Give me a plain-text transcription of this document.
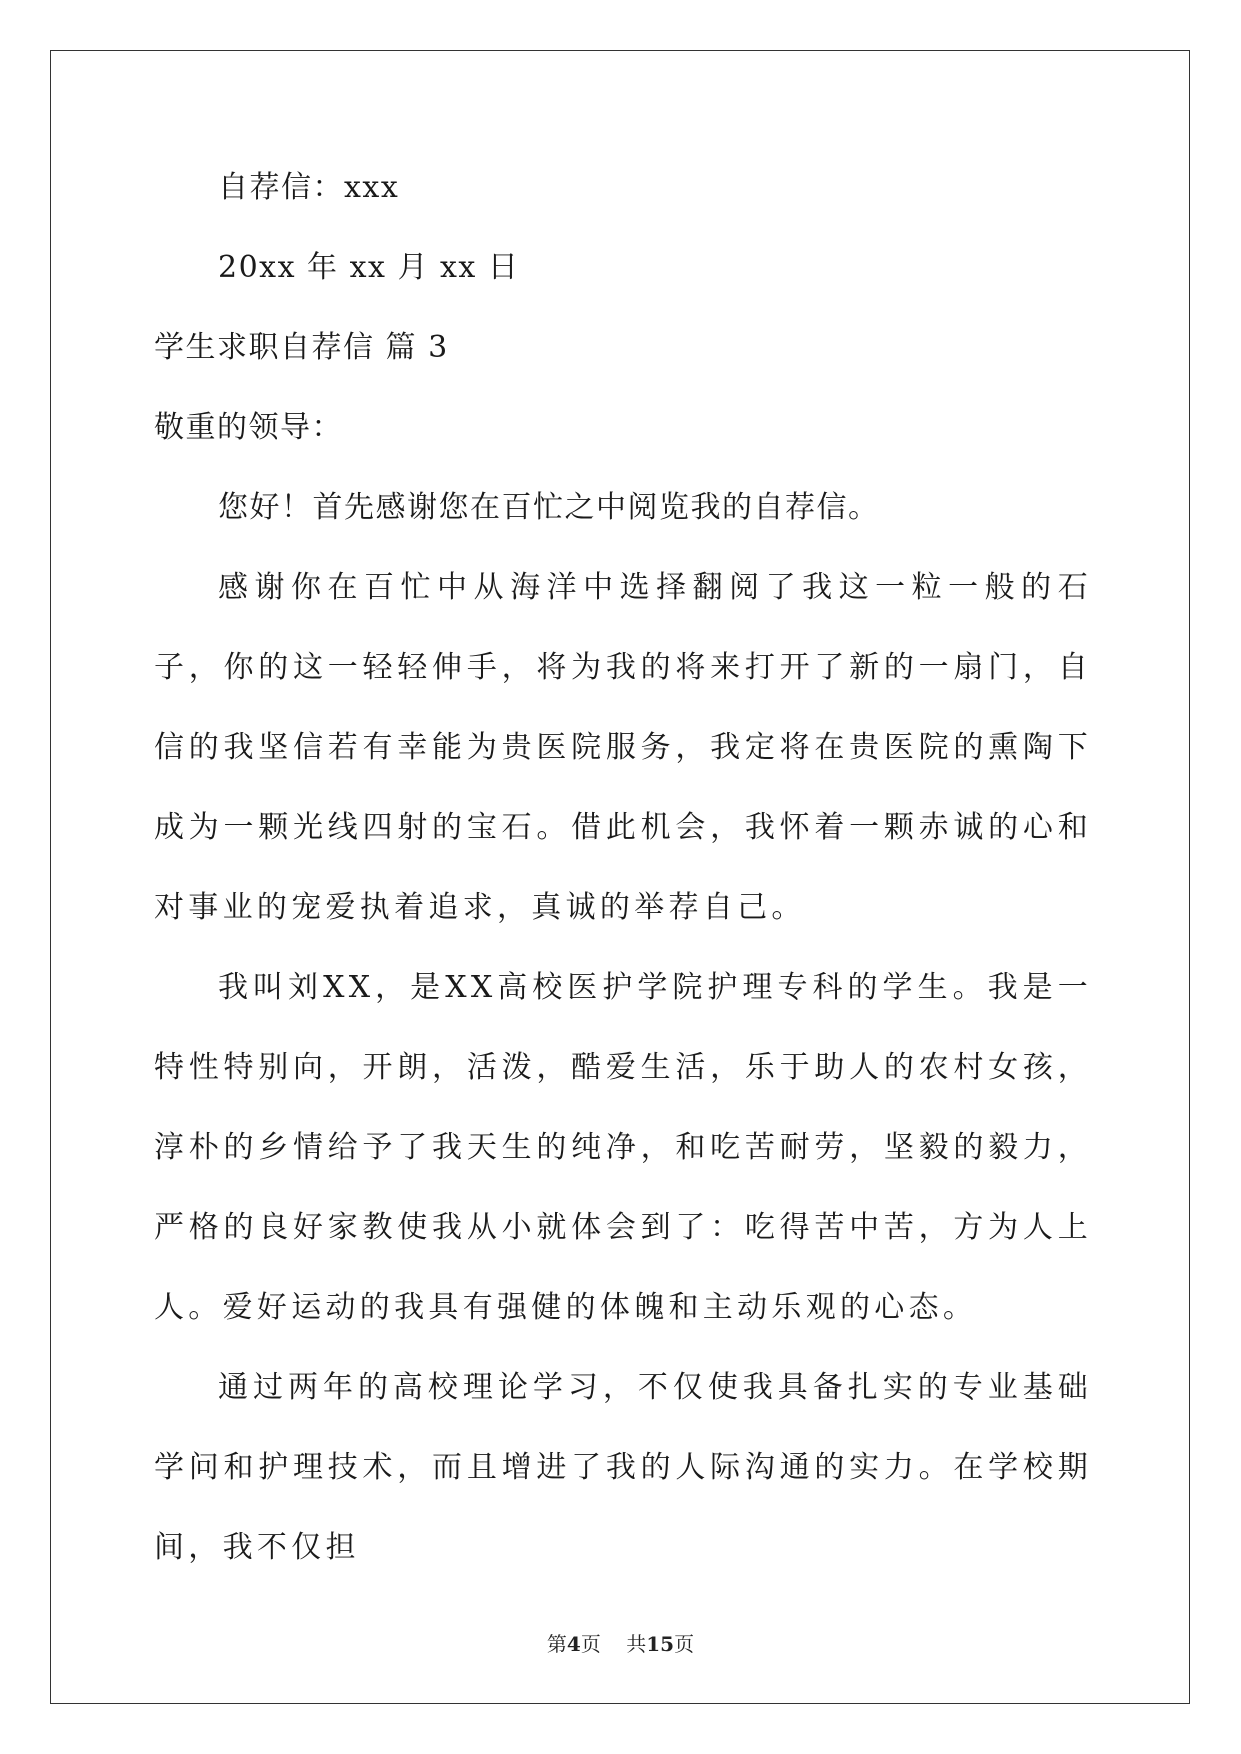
自荐信：xxx
20xx 年 xx 月 xx 日
学生求职自荐信 篇 3
敬重的领导：
您好！首先感谢您在百忙之中阅览我的自荐信。

感谢你在百忙中从海洋中选择翻阅了我这一粒一般的石子，你的这一轻轻伸手，将为我的将来打开了新的一扇门，自信的我坚信若有幸能为贵医院服务，我定将在贵医院的熏陶下成为一颗光线四射的宝石。借此机会，我怀着一颗赤诚的心和对事业的宠爱执着追求，真诚的举荐自己。

我叫刘XX，是XX高校医护学院护理专科的学生。我是一特性特别向，开朗，活泼，酷爱生活，乐于助人的农村女孩，淳朴的乡情给予了我天生的纯净，和吃苦耐劳，坚毅的毅力，严格的良好家教使我从小就体会到了：吃得苦中苦，方为人上人。爱好运动的我具有强健的体魄和主动乐观的心态。

通过两年的高校理论学习，不仅使我具备扎实的专业基础学问和护理技术，而且增进了我的人际沟通的实力。在学校期间，我不仅担

第4页 共15页
